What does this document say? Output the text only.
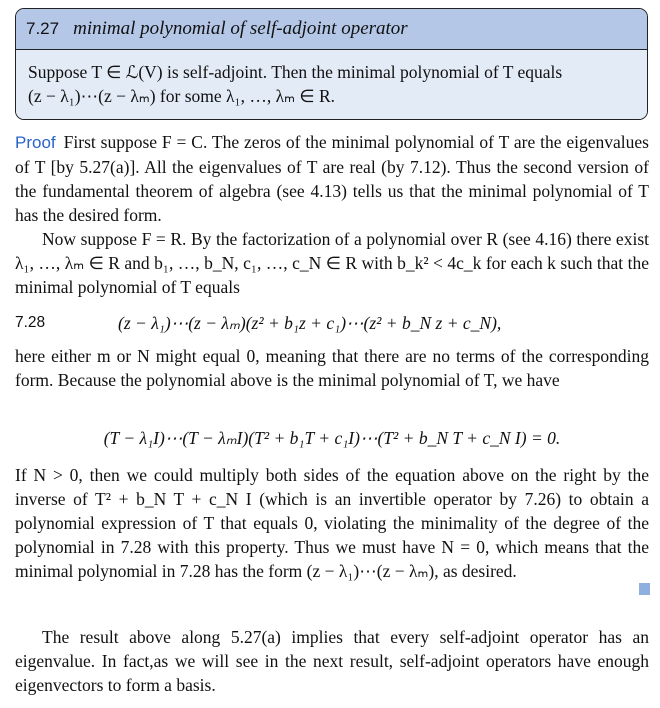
7.27 minimal polynomial of self-adjoint operator

Suppose T ∈ ℒ(V) is self-adjoint. Then the minimal polynomial of T equals

(z − λ₁)⋯(z − λₘ) for some λ₁, …, λₘ ∈ R.

Proof First suppose F = C. The zeros of the minimal polynomial of T are the eigenvalues of T [by 5.27(a)]. All the eigenvalues of T are real (by 7.12). Thus the second version of the fundamental theorem of algebra (see 4.13) tells us that the minimal polynomial of T has the desired form.

Now suppose F = R. By the factorization of a polynomial over R (see 4.16) there exist λ₁, …, λₘ ∈ R and b₁, …, b_N, c₁, …, c_N ∈ R with b_k² < 4c_k for each k such that the minimal polynomial of T equals

7.28	(z − λ₁)⋯(z − λₘ)(z² + b₁z + c₁)⋯(z² + b_N z + c_N),

here either m or N might equal 0, meaning that there are no terms of the corresponding form. Because the polynomial above is the minimal polynomial of T, we have

(T − λ₁I)⋯(T − λₘI)(T² + b₁T + c₁I)⋯(T² + b_N T + c_N I) = 0.

If N > 0, then we could multiply both sides of the equation above on the right by the inverse of T² + b_N T + c_N I (which is an invertible operator by 7.26) to obtain a polynomial expression of T that equals 0, violating the minimality of the degree of the polynomial in 7.28 with this property. Thus we must have N = 0, which means that the minimal polynomial in 7.28 has the form (z − λ₁)⋯(z − λₘ), as desired.

The result above along 5.27(a) implies that every self-adjoint operator has an eigenvalue. In fact,as we will see in the next result, self-adjoint operators have enough eigenvectors to form a basis.
